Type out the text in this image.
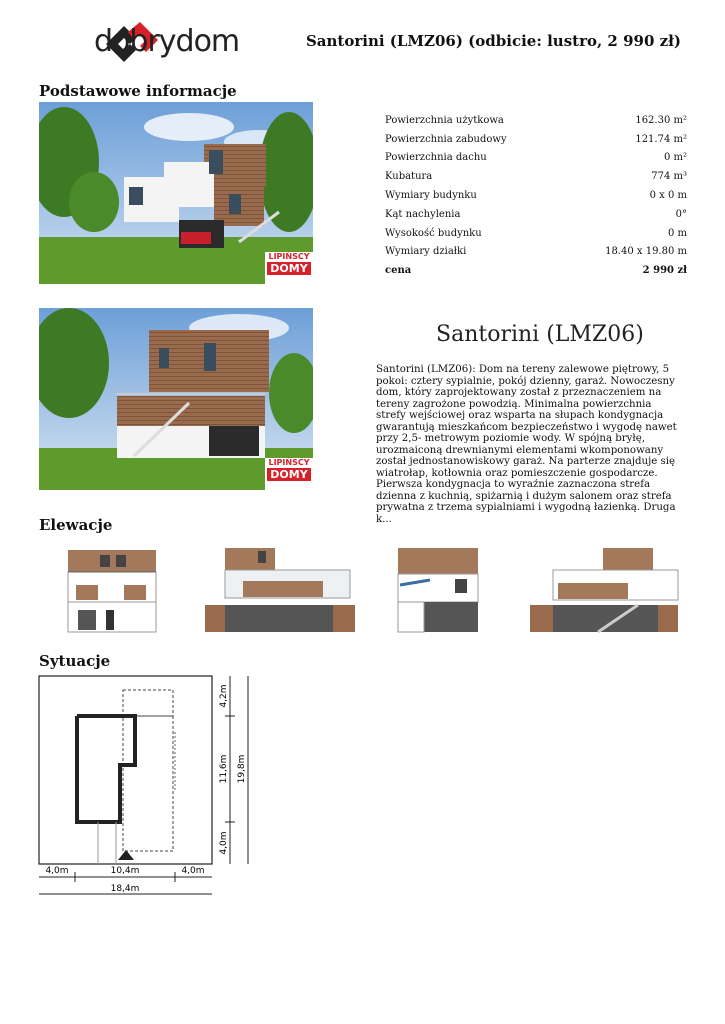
dobrydom	Santorini (LMZ06) (odbicie: lustro, 2 990 zł)
Podstawowe informacje
LIPIŃSCY
DOMY
Powierzchnia użytkowa	162.30 m²
Powierzchnia zabudowy	121.74 m²
Powierzchnia dachu	0 m²
Kubatura	774 m³
Wymiary budynku	0 x 0 m
Kąt nachylenia	0°
Wysokość budynku	0 m
Wymiary działki	18.40 x 19.80 m
cena	2 990 zł
LIPIŃSCY
DOMY
Santorini (LMZ06)
Santorini (LMZ06): Dom na tereny zalewowe piętrowy, 5 pokoi: cztery sypialnie, pokój dzienny, garaż. Nowoczesny dom, który zaprojektowany został z przeznaczeniem na tereny zagrożone powodzią. Minimalna powierzchnia strefy wejściowej oraz wsparta na słupach kondygnacja gwarantują mieszkańcom bezpieczeństwo i wygodę nawet przy 2,5- metrowym poziomie wody. W spójną bryłę, urozmaiconą drewnianymi elementami wkomponowany został jednostanowiskowy garaż. Na parterze znajduje się wiatrołap, kotłownia oraz pomieszczenie gospodarcze. Pierwsza kondygnacja to wyraźnie zaznaczona strefa dzienna z kuchnią, spiżarnią i dużym salonem oraz strefa prywatna z trzema sypialniami i wygodną łazienką. Druga k...
Elewacje
Sytuacje
4,0m	10,4m	4,0m
18,4m
4,2m
11,6m
4,0m
19,8m
